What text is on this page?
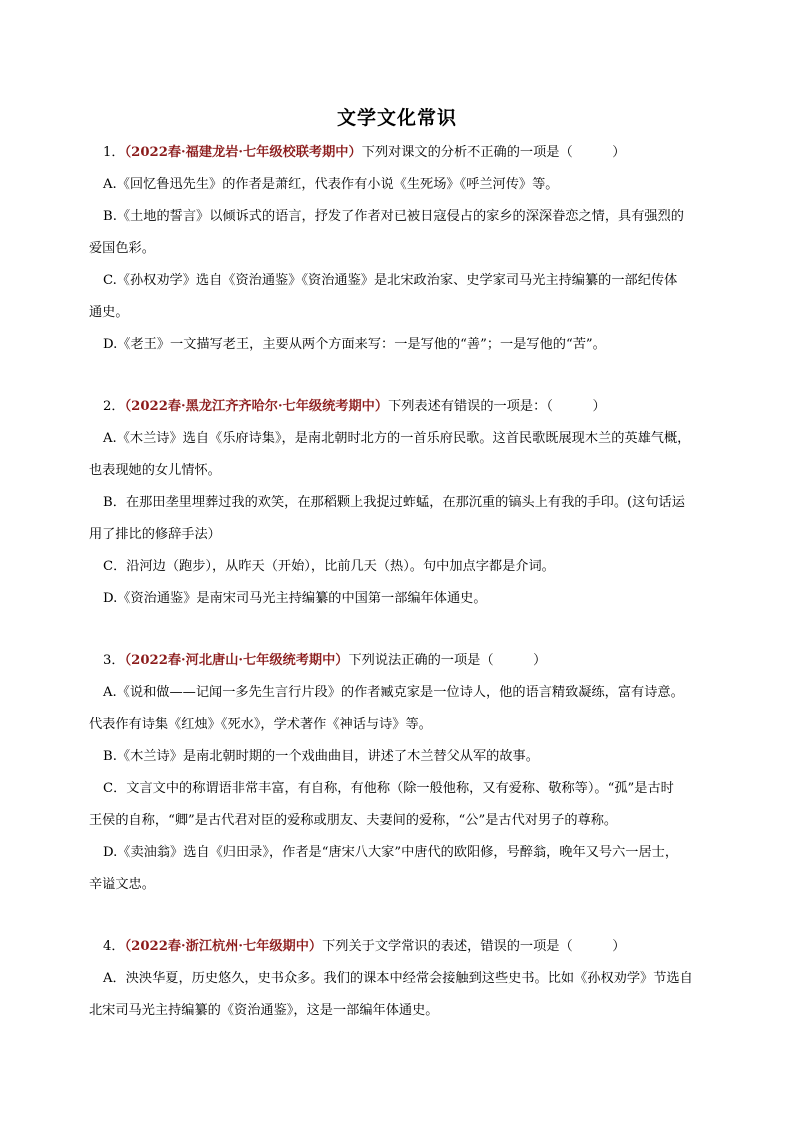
文学文化常识
1．（2022春·福建龙岩·七年级校联考期中）下列对课文的分析不正确的一项是（　　　）
A.《回忆鲁迅先生》的作者是萧红，代表作有小说《生死场》《呼兰河传》等。
B.《土地的誓言》以倾诉式的语言，抒发了作者对已被日寇侵占的家乡的深深眷恋之情，具有强烈的
爱国色彩。
C.《孙权劝学》选自《资治通鉴》《资治通鉴》是北宋政治家、史学家司马光主持编纂的一部纪传体
通史。
D.《老王》一文描写老王，主要从两个方面来写：一是写他的“善”；一是写他的“苦”。
2．（2022春·黑龙江齐齐哈尔·七年级统考期中）下列表述有错误的一项是：（　　　）
A.《木兰诗》选自《乐府诗集》，是南北朝时北方的一首乐府民歌。这首民歌既展现木兰的英雄气概，
也表现她的女儿情怀。
B．在那田垄里埋葬过我的欢笑，在那稻颗上我捉过蚱蜢，在那沉重的镐头上有我的手印。(这句话运
用了排比的修辞手法）
C．沿河边（跑步），从昨天（开始），比前几天（热）。句中加点字都是介词。
D.《资治通鉴》是南宋司马光主持编纂的中国第一部编年体通史。
3．（2022春·河北唐山·七年级统考期中）下列说法正确的一项是（　　　）
A.《说和做——记闻一多先生言行片段》的作者臧克家是一位诗人，他的语言精致凝练，富有诗意。
代表作有诗集《红烛》《死水》，学术著作《神话与诗》等。
B.《木兰诗》是南北朝时期的一个戏曲曲目，讲述了木兰替父从军的故事。
C．文言文中的称谓语非常丰富，有自称，有他称（除一般他称，又有爱称、敬称等）。“孤”是古时
王侯的自称，“卿”是古代君对臣的爱称或朋友、夫妻间的爱称，“公”是古代对男子的尊称。
D.《卖油翁》选自《归田录》，作者是“唐宋八大家”中唐代的欧阳修，号醉翁，晚年又号六一居士，
辛谥文忠。
4．（2022春·浙江杭州·七年级期中）下列关于文学常识的表述，错误的一项是（　　　）
A．泱泱华夏，历史悠久，史书众多。我们的课本中经常会接触到这些史书。比如《孙权劝学》节选自
北宋司马光主持编纂的《资治通鉴》，这是一部编年体通史。
